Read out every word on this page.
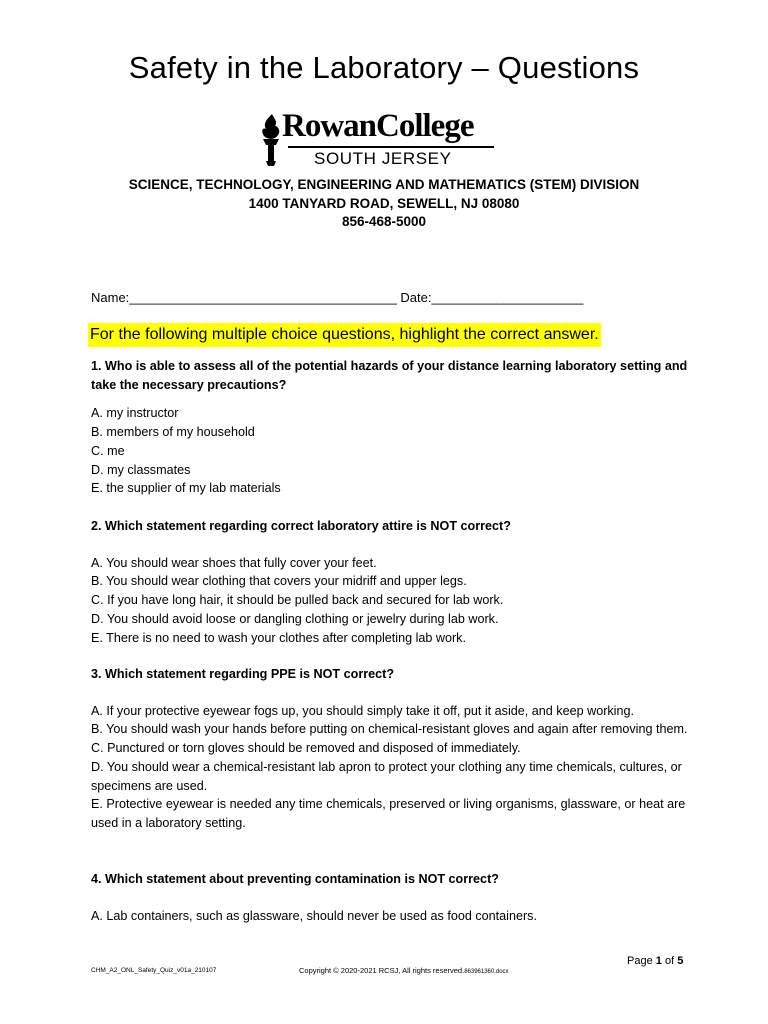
Safety in the Laboratory – Questions
RowanCollege
SOUTH JERSEY
SCIENCE, TECHNOLOGY, ENGINEERING AND MATHEMATICS (STEM) DIVISION
1400 TANYARD ROAD, SEWELL, NJ 08080
856-468-5000
Name:_____________________________________ Date:_____________________
For the following multiple choice questions, highlight the correct answer.

1. Who is able to assess all of the potential hazards of your distance learning laboratory setting and take the necessary precautions?

A. my instructor
B. members of my household
C. me
D. my classmates
E. the supplier of my lab materials

2. Which statement regarding correct laboratory attire is NOT correct?

A. You should wear shoes that fully cover your feet.
B. You should wear clothing that covers your midriff and upper legs.
C. If you have long hair, it should be pulled back and secured for lab work.
D. You should avoid loose or dangling clothing or jewelry during lab work.
E. There is no need to wash your clothes after completing lab work.

3. Which statement regarding PPE is NOT correct?

A. If your protective eyewear fogs up, you should simply take it off, put it aside, and keep working.
B. You should wash your hands before putting on chemical-resistant gloves and again after removing them.
C. Punctured or torn gloves should be removed and disposed of immediately.
D. You should wear a chemical-resistant lab apron to protect your clothing any time chemicals, cultures, or specimens are used.
E. Protective eyewear is needed any time chemicals, preserved or living organisms, glassware, or heat are used in a laboratory setting.

4. Which statement about preventing contamination is NOT correct?

A. Lab containers, such as glassware, should never be used as food containers.
Page 1 of 5
CHM_A2_ONL_Safety_Quiz_v01a_210107	Copyright © 2020-2021 RCSJ, All rights reserved.863961360.docx
